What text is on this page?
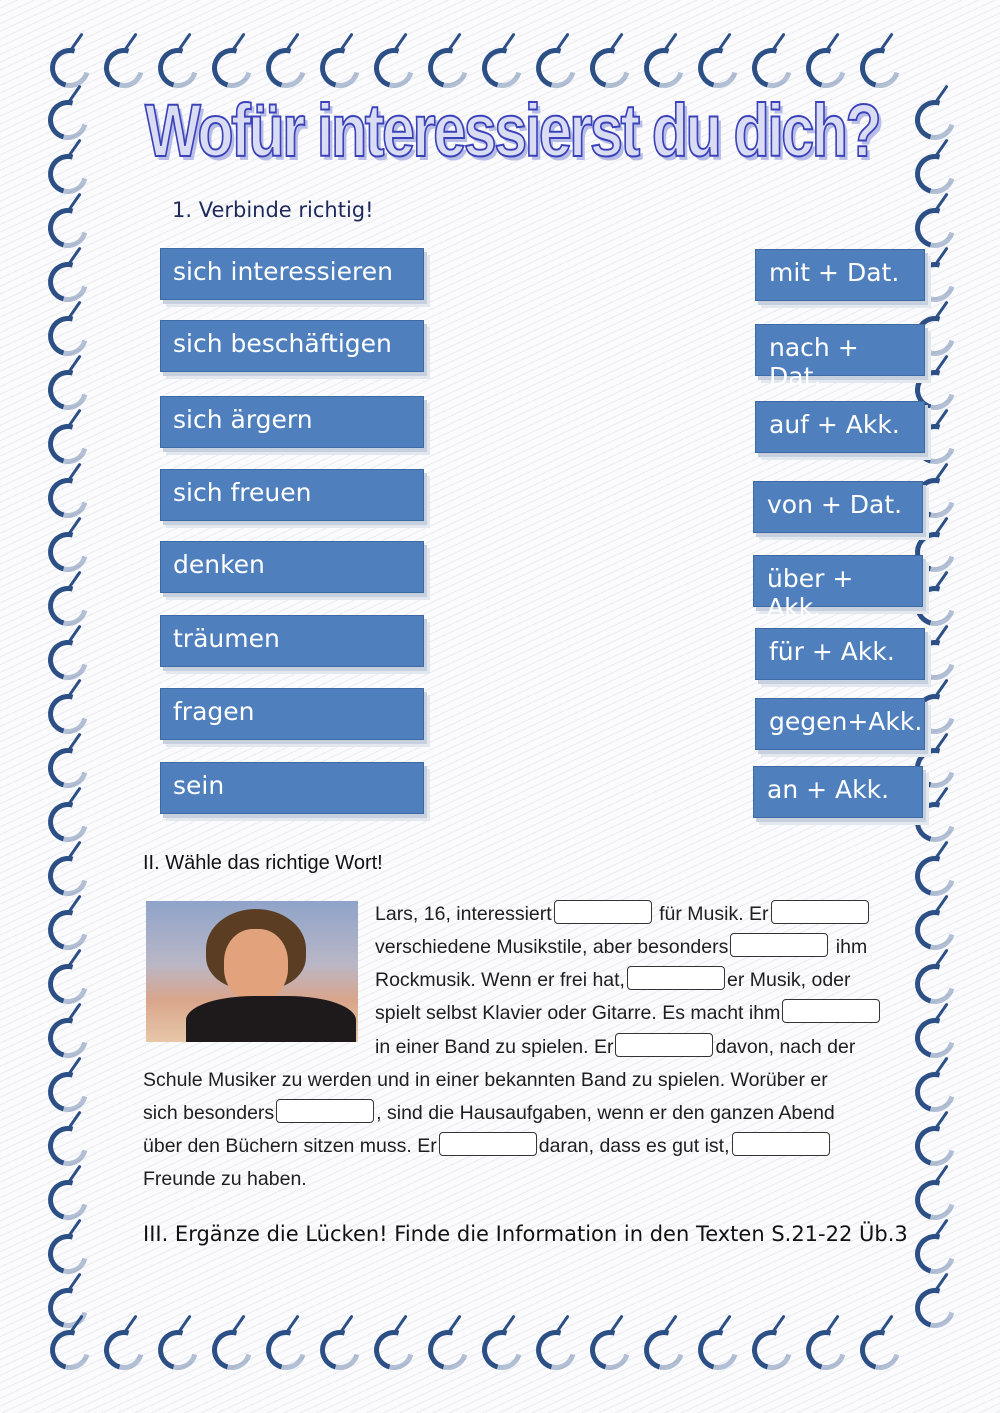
Wofür interessierst du dich?
1. Verbinde richtig!
sich interessieren
sich beschäftigen
sich ärgern
sich freuen
denken
träumen
fragen
sein
mit + Dat.
nach + Dat.
auf + Akk.
von + Dat.
über + Akk.
für + Akk.
gegen+Akk.
an + Akk.
II. Wähle das richtige Wort!
Lars, 16, interessiert	für Musik. Er
verschiedene Musikstile, aber besonders	ihm
Rockmusik. Wenn er frei hat,	er Musik, oder
spielt selbst Klavier oder Gitarre. Es macht ihm
in einer Band zu spielen. Er	davon, nach der
Schule Musiker zu werden und in einer bekannten Band zu spielen. Worüber er
sich besonders	, sind die Hausaufgaben, wenn er den ganzen Abend
über den Büchern sitzen muss. Er	daran, dass es gut ist,
Freunde zu haben.
III. Ergänze die Lücken! Finde die Information in den Texten S.21-22 Üb.3
